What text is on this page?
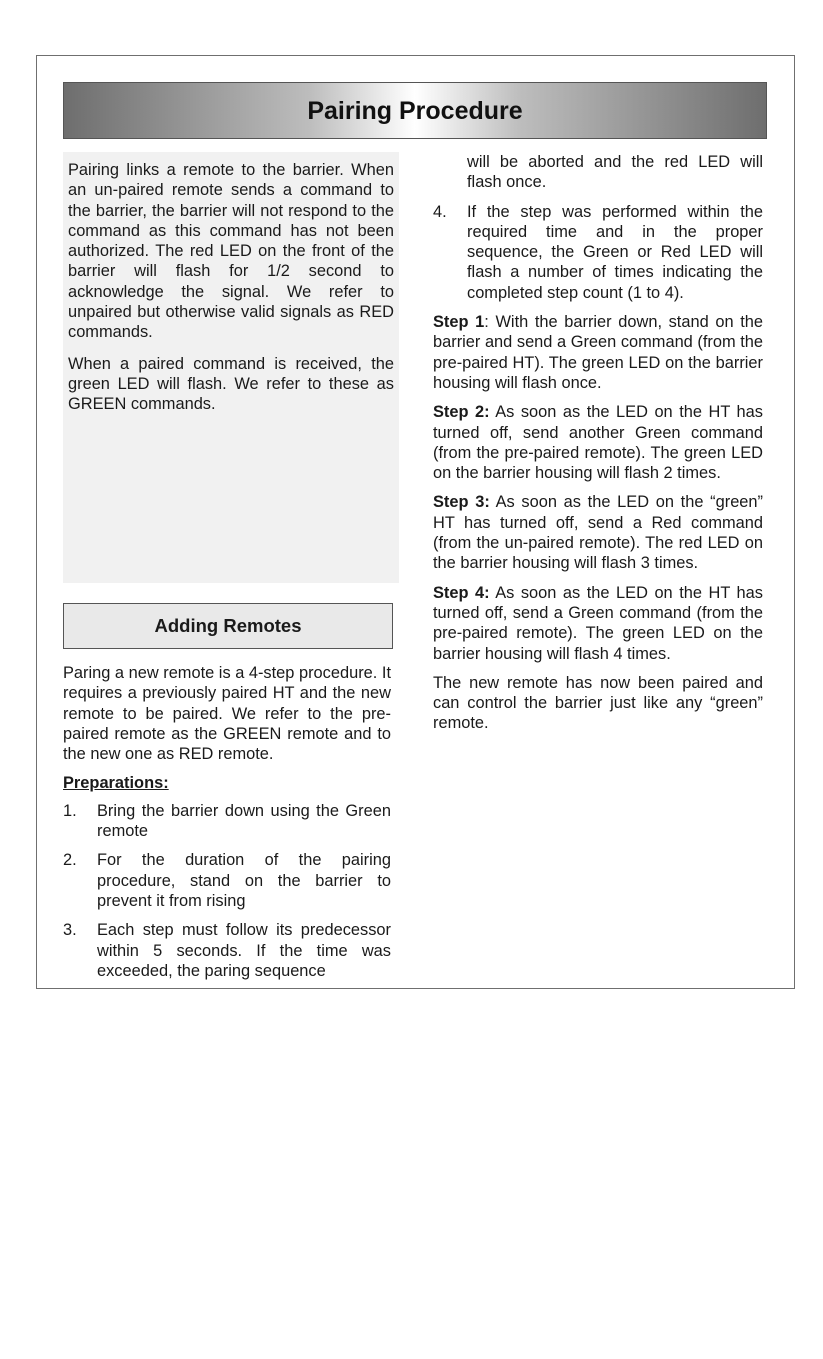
Pairing Procedure

Pairing links a remote to the barrier. When an un-paired remote sends a command to the barrier, the barrier will not respond to the command as this command has not been authorized. The red LED on the front of the barrier will flash for 1/2 second to acknowledge the signal. We refer to unpaired but otherwise valid signals as RED commands.

When a paired command is received, the green LED will flash. We refer to these as GREEN commands.

Adding Remotes

Paring a new remote is a 4-step procedure. It requires a previously paired HT and the new remote to be paired. We refer to the pre-paired remote as the GREEN remote and to the new one as RED remote.

Preparations:

1. Bring the barrier down using the Green remote
2. For the duration of the pairing procedure, stand on the barrier to prevent it from rising
3. Each step must follow its predecessor within 5 seconds. If the time was exceeded, the paring sequence
will be aborted and the red LED will flash once.
4. If the step was performed within the required time and in the proper sequence, the Green or Red LED will flash a number of times indicating the completed step count (1 to 4).

Step 1: With the barrier down, stand on the barrier and send a Green command (from the pre-paired HT). The green LED on the barrier housing will flash once.

Step 2: As soon as the LED on the HT has turned off, send another Green command (from the pre-paired remote). The green LED on the barrier housing will flash 2 times.

Step 3: As soon as the LED on the “green” HT has turned off, send a Red command (from the un-paired remote). The red LED on the barrier housing will flash 3 times.

Step 4: As soon as the LED on the HT has turned off, send a Green command (from the pre-paired remote). The green LED on the barrier housing will flash 4 times.

The new remote has now been paired and can control the barrier just like any “green” remote.
